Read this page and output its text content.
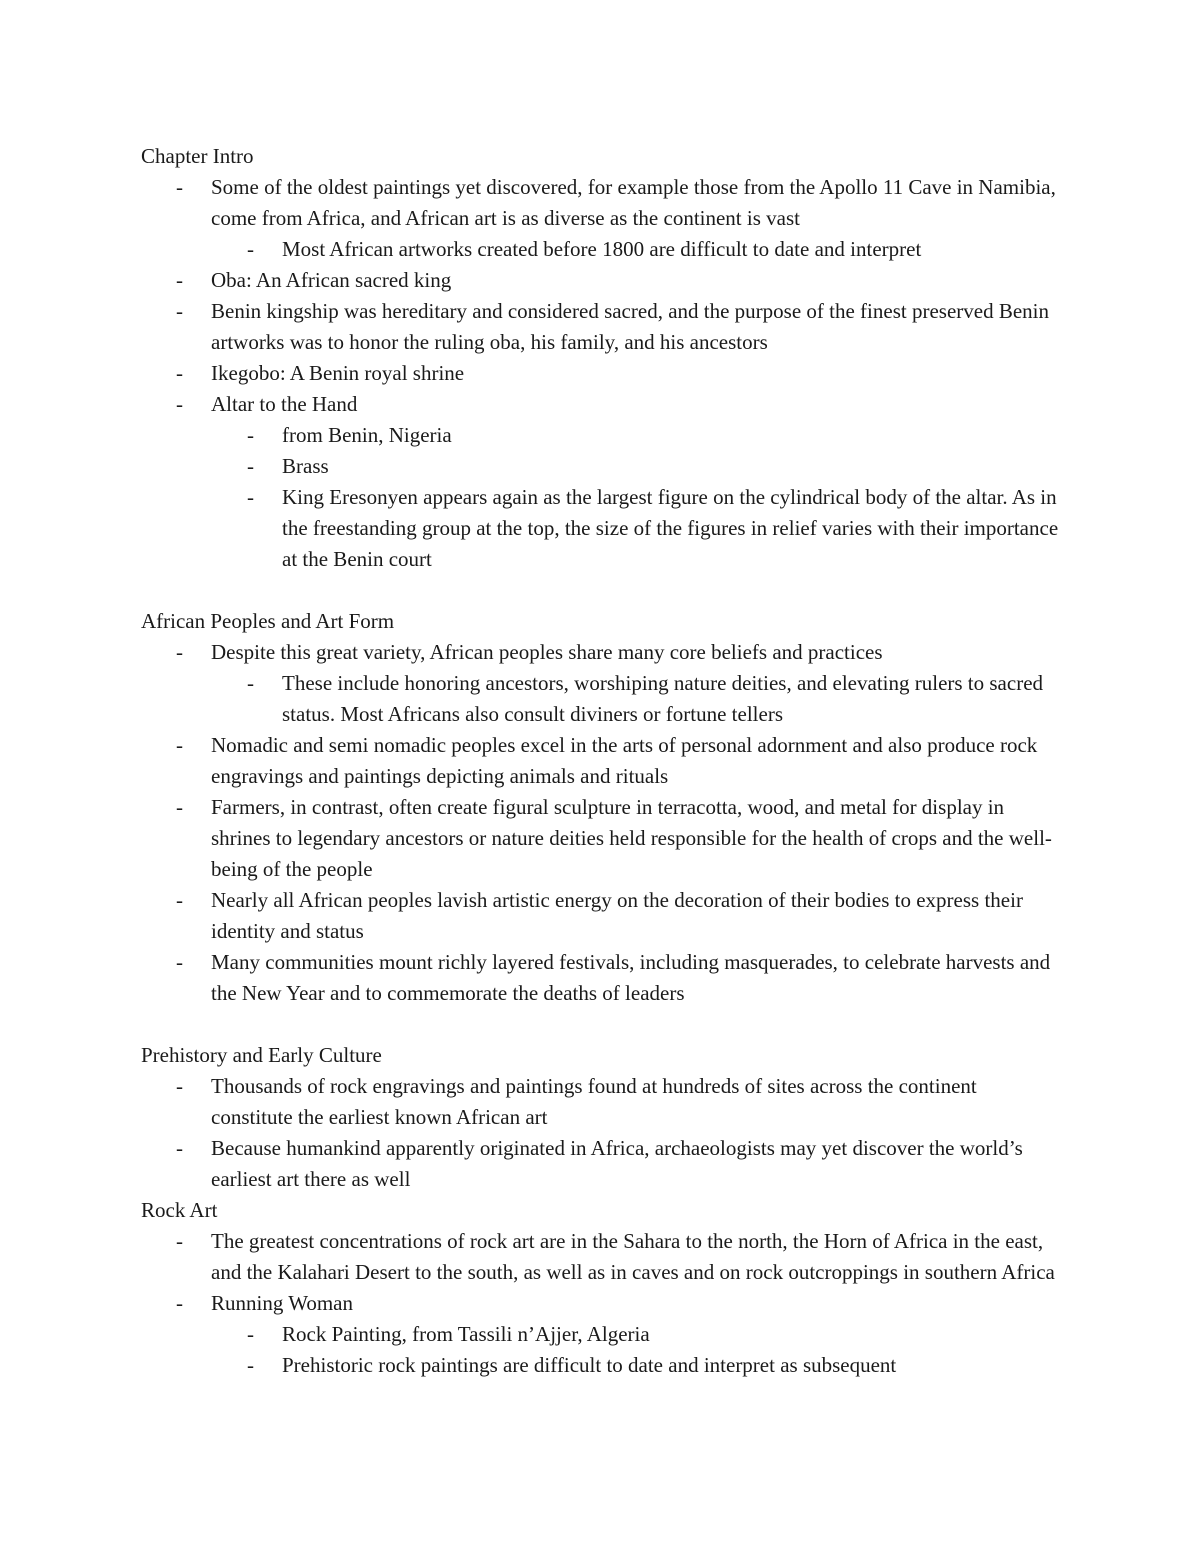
Chapter Intro

- Some of the oldest paintings yet discovered, for example those from the Apollo 11 Cave in Namibia, come from Africa, and African art is as diverse as the continent is vast
- Most African artworks created before 1800 are difficult to date and interpret
- Oba: An African sacred king
- Benin kingship was hereditary and considered sacred, and the purpose of the finest preserved Benin artworks was to honor the ruling oba, his family, and his ancestors
- Ikegobo: A Benin royal shrine
- Altar to the Hand
- from Benin, Nigeria
- Brass
- King Eresonyen appears again as the largest figure on the cylindrical body of the altar. As in the freestanding group at the top, the size of the figures in relief varies with their importance at the Benin court

African Peoples and Art Form

- Despite this great variety, African peoples share many core beliefs and practices
- These include honoring ancestors, worshiping nature deities, and elevating rulers to sacred status. Most Africans also consult diviners or fortune tellers
- Nomadic and semi nomadic peoples excel in the arts of personal adornment and also produce rock engravings and paintings depicting animals and rituals
- Farmers, in contrast, often create figural sculpture in terracotta, wood, and metal for display in shrines to legendary ancestors or nature deities held responsible for the health of crops and the well-being of the people
- Nearly all African peoples lavish artistic energy on the decoration of their bodies to express their identity and status
- Many communities mount richly layered festivals, including masquerades, to celebrate harvests and the New Year and to commemorate the deaths of leaders

Prehistory and Early Culture

- Thousands of rock engravings and paintings found at hundreds of sites across the continent constitute the earliest known African art
- Because humankind apparently originated in Africa, archaeologists may yet discover the world’s earliest art there as well

Rock Art

- The greatest concentrations of rock art are in the Sahara to the north, the Horn of Africa in the east, and the Kalahari Desert to the south, as well as in caves and on rock outcroppings in southern Africa
- Running Woman
- Rock Painting, from Tassili n’Ajjer, Algeria
- Prehistoric rock paintings are difficult to date and interpret as subsequent
